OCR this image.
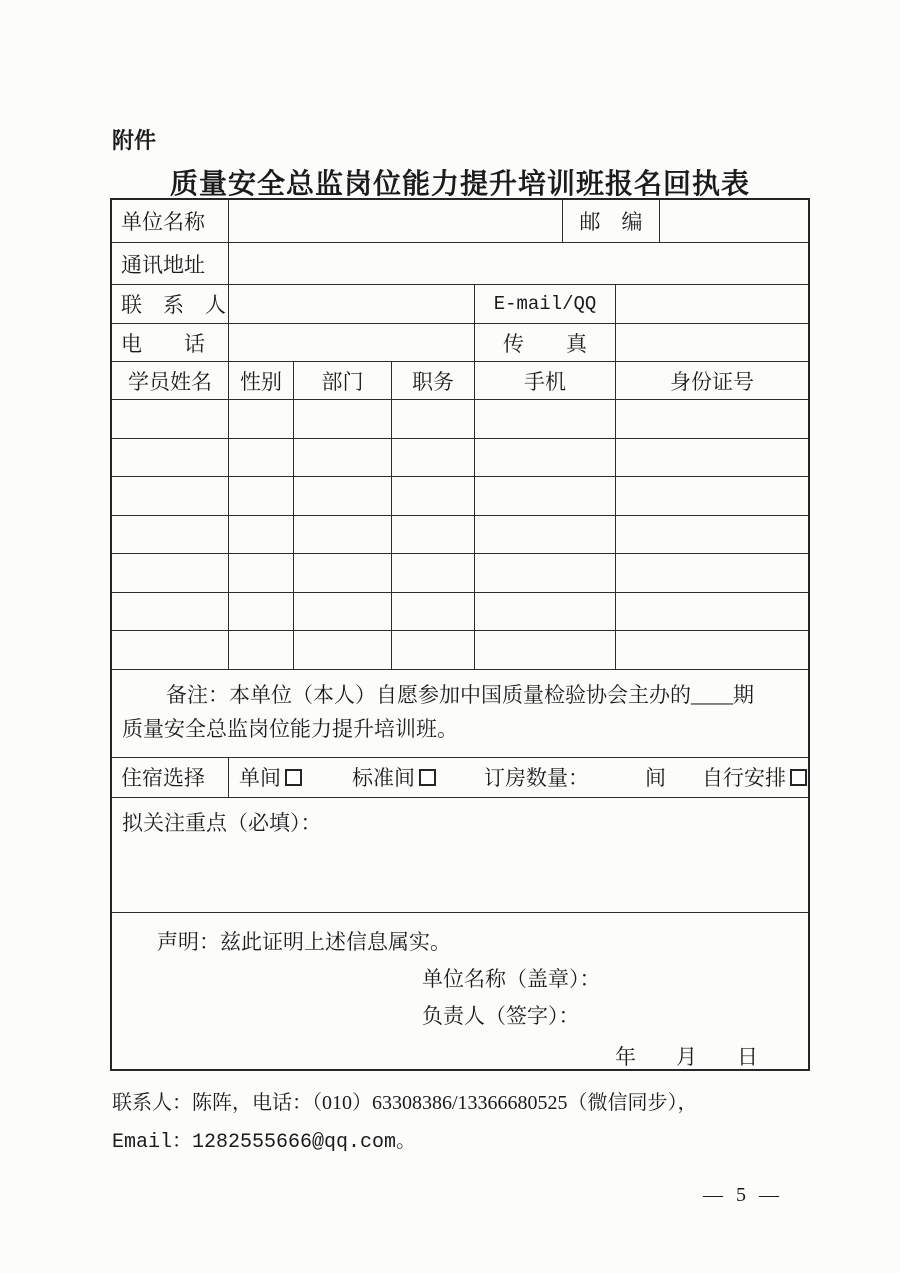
附件
质量安全总监岗位能力提升培训班报名回执表
单位名称	邮　编
通讯地址
联　系　人	E-mail/QQ
电　　话	传　　真
学员姓名	性别	部门	职务	手机	身份证号
备注：本单位（本人）自愿参加中国质量检验协会主办的____期
质量安全总监岗位能力提升培训班。
住宿选择	单间	标准间	订房数量：	间 自行安排
拟关注重点（必填）：
声明：兹此证明上述信息属实。
单位名称（盖章）：
负责人（签字）：
年 月 日
联系人：陈阵，电话：（010）63308386/13366680525（微信同步），
Email：1282555666@qq.com。
— 5 —
